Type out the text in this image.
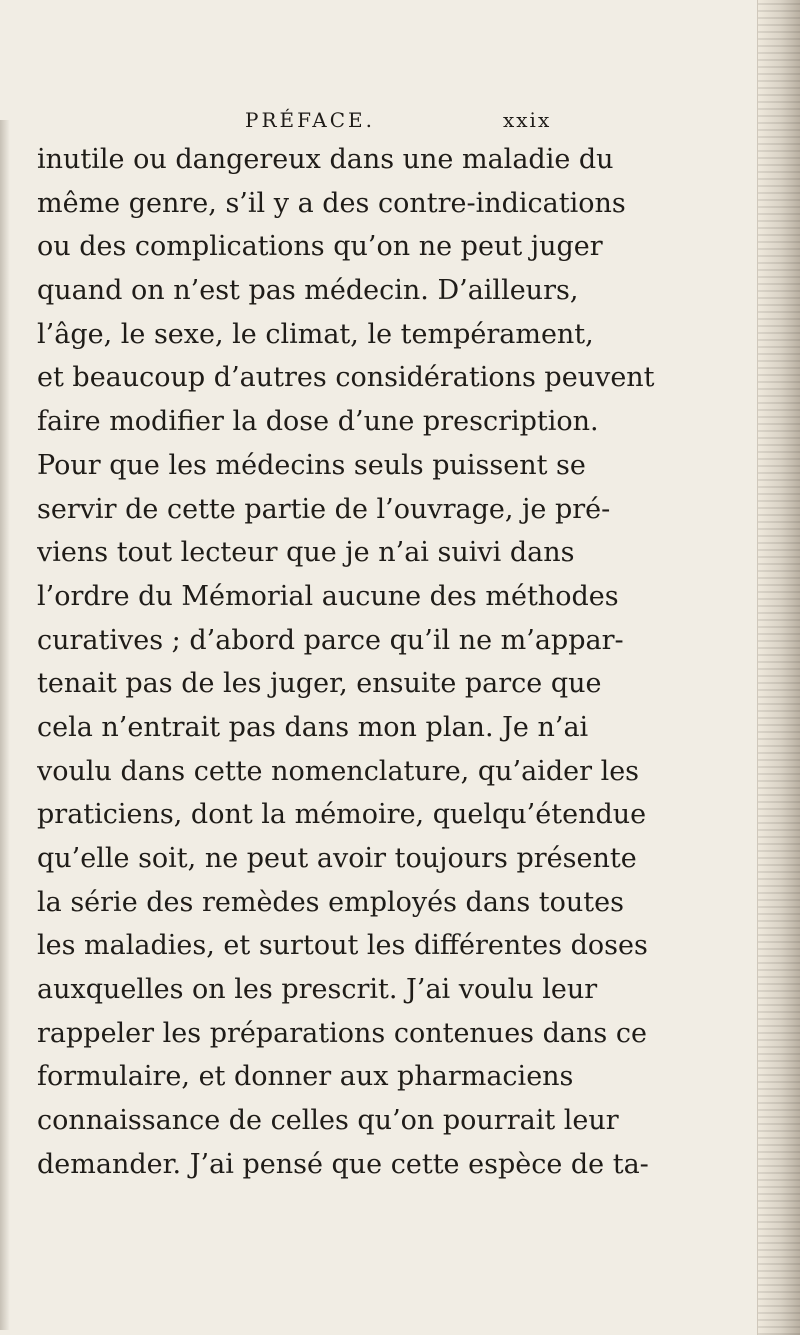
PRÉFACE.	xxix
inutile ou dangereux dans une maladie du
même genre, s’il y a des contre-indications
ou des complications qu’on ne peut juger
quand on n’est pas médecin. D’ailleurs,
l’âge, le sexe, le climat, le tempérament,
et beaucoup d’autres considérations peuvent
faire modifier la dose d’une prescription.
Pour que les médecins seuls puissent se
servir de cette partie de l’ouvrage, je pré-
viens tout lecteur que je n’ai suivi dans
l’ordre du Mémorial aucune des méthodes
curatives ; d’abord parce qu’il ne m’appar-
tenait pas de les juger, ensuite parce que
cela n’entrait pas dans mon plan. Je n’ai
voulu dans cette nomenclature, qu’aider les
praticiens, dont la mémoire, quelqu’étendue
qu’elle soit, ne peut avoir toujours présente
la série des remèdes employés dans toutes
les maladies, et surtout les différentes doses
auxquelles on les prescrit. J’ai voulu leur
rappeler les préparations contenues dans ce
formulaire, et donner aux pharmaciens
connaissance de celles qu’on pourrait leur
demander. J’ai pensé que cette espèce de ta-
